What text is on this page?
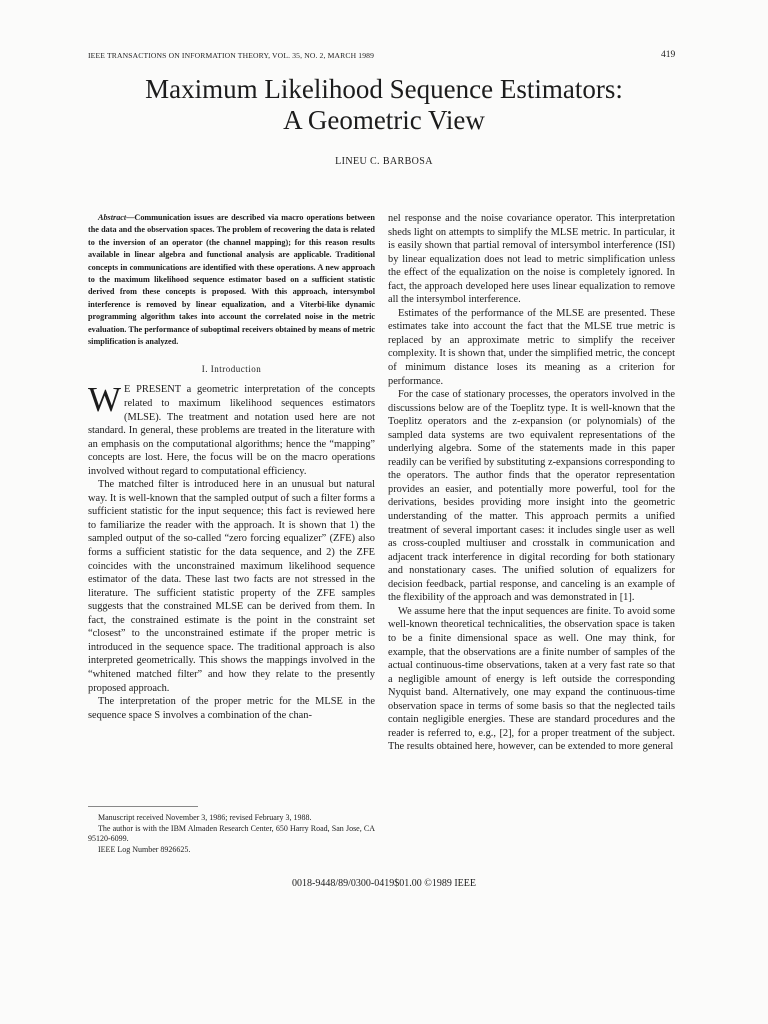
IEEE TRANSACTIONS ON INFORMATION THEORY, VOL. 35, NO. 2, MARCH 1989	419
Maximum Likelihood Sequence Estimators:
A Geometric View
LINEU C. BARBOSA

Abstract—Communication issues are described via macro operations between the data and the observation spaces. The problem of recovering the data is related to the inversion of an operator (the channel mapping); for this reason results available in linear algebra and functional analysis are applicable. Traditional concepts in communications are identified with these operations. A new approach to the maximum likelihood sequence estimator based on a sufficient statistic derived from these concepts is proposed. With this approach, intersymbol interference is removed by linear equalization, and a Viterbi-like dynamic programming algorithm takes into account the correlated noise in the metric evaluation. The performance of suboptimal receivers obtained by means of metric simplification is analyzed.

I. Introduction

W E PRESENT a geometric interpretation of the concepts related to maximum likelihood sequences estimators (MLSE). The treatment and notation used here are not standard. In general, these problems are treated in the literature with an emphasis on the computational algorithms; hence the “mapping” concepts are lost. Here, the focus will be on the macro operations involved without regard to computational efficiency.

The matched filter is introduced here in an unusual but natural way. It is well-known that the sampled output of such a filter forms a sufficient statistic for the input sequence; this fact is reviewed here to familiarize the reader with the approach. It is shown that 1) the sampled output of the so-called “zero forcing equalizer” (ZFE) also forms a sufficient statistic for the data sequence, and 2) the ZFE coincides with the unconstrained maximum likelihood sequence estimator of the data. These last two facts are not stressed in the literature. The sufficient statistic property of the ZFE samples suggests that the constrained MLSE can be derived from them. In fact, the constrained estimate is the point in the constraint set “closest” to the unconstrained estimate if the proper metric is introduced in the sequence space. The traditional approach is also interpreted geometrically. This shows the mappings involved in the “whitened matched filter” and how they relate to the presently proposed approach.

The interpretation of the proper metric for the MLSE in the sequence space S involves a combination of the chan-

nel response and the noise covariance operator. This interpretation sheds light on attempts to simplify the MLSE metric. In particular, it is easily shown that partial removal of intersymbol interference (ISI) by linear equalization does not lead to metric simplification unless the effect of the equalization on the noise is completely ignored. In fact, the approach developed here uses linear equalization to remove all the intersymbol interference.

Estimates of the performance of the MLSE are presented. These estimates take into account the fact that the MLSE true metric is replaced by an approximate metric to simplify the receiver complexity. It is shown that, under the simplified metric, the concept of minimum distance loses its meaning as a criterion for performance.

For the case of stationary processes, the operators involved in the discussions below are of the Toeplitz type. It is well-known that the Toeplitz operators and the z-expansion (or polynomials) of the sampled data systems are two equivalent representations of the underlying algebra. Some of the statements made in this paper readily can be verified by substituting z-expansions corresponding to the operators. The author finds that the operator representation provides an easier, and potentially more powerful, tool for the derivations, besides providing more insight into the geometric understanding of the matter. This approach permits a unified treatment of several important cases: it includes single user as well as cross-coupled multiuser and crosstalk in communication and adjacent track interference in digital recording for both stationary and nonstationary cases. The unified solution of equalizers for decision feedback, partial response, and canceling is an example of the flexibility of the approach and was demonstrated in [1].

We assume here that the input sequences are finite. To avoid some well-known theoretical technicalities, the observation space is taken to be a finite dimensional space as well. One may think, for example, that the observations are a finite number of samples of the actual continuous-time observations, taken at a very fast rate so that a negligible amount of energy is left outside the corresponding Nyquist band. Alternatively, one may expand the continuous-time observation space in terms of some basis so that the neglected tails contain negligible energies. These are standard procedures and the reader is referred to, e.g., [2], for a proper treatment of the subject. The results obtained here, however, can be extended to more general

Manuscript received November 3, 1986; revised February 3, 1988.

The author is with the IBM Almaden Research Center, 650 Harry Road, San Jose, CA 95120-6099.

IEEE Log Number 8926625.

0018-9448/89/0300-0419$01.00 ©1989 IEEE
